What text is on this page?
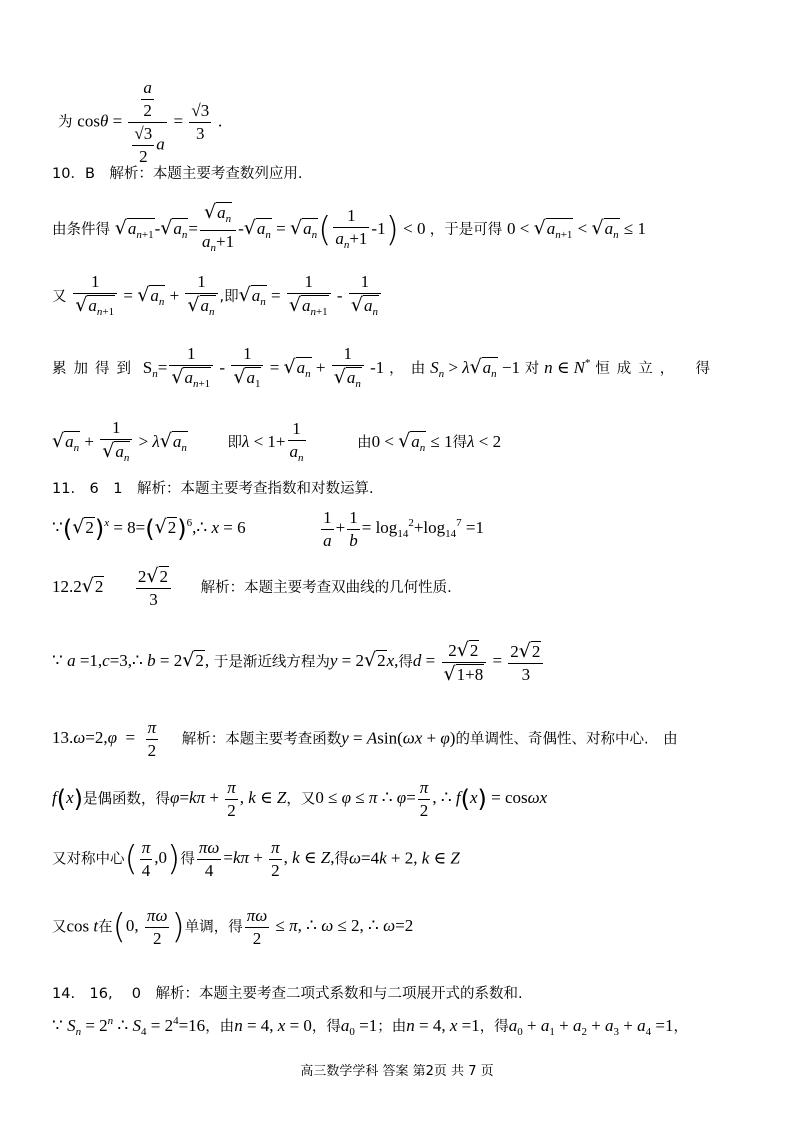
为 $\cos\theta = \frac{\frac{a}{2}}{\frac{√3}{2} a} = \frac{√3}{3}$ .
10．B　解析：本题主要考查数列应用.
由条件得 $√a_{n+1}-√a_n= \frac{√a_n}{a_n+1} -√a_n = √a_n( \frac{1}{a_n+1} -1) < 0$ ，于是可得 $0 < √a_{n+1} < √a_n \le 1$
又 $\frac{1}{√a_{n+1}} = √a_n + \frac{1}{√a_n}$ ,即$√a_n = \frac{1}{√a_{n+1}} - \frac{1}{√a_n}$
累加得到 $S_n= \frac{1}{√a_{n+1}} - \frac{1}{√a_1} = √a_n + \frac{1}{√a_n} -1$ ，　由 $S_n > \lambda√a_n -1$ 对 n ∈ N* 恒成立，　得
$√a_n + \frac{1}{√a_n} > \lambda√a_n$	即$\lambda < 1+ \frac{1}{a_n}$	由$0 < √a_n \le 1$得λ < 2
11.　6　1　解析：本题主要考查指数和对数运算.
$\because(√2)^x$ = $8=(√2)^6,\therefore$ x = 6	$\frac{1}{a} + \frac{1}{b} = \log_{14}^2+\log_{14}^7 =1$
$12.2√2 \frac{2√2}{3}$ 解析：本题主要考查双曲线的几何性质.
∵ a =1,c=3,∴ b = 2√2, 于是渐近线方程为y = 2√2x,得$d = \frac{2√2}{√1+8} = \frac{2√2}{3}$
$13.\omega=2,\varphi = \frac{\pi}{2}$ 解析：本题主要考查函数y = Asin(ωx + φ)的单调性、奇偶性、对称中心.　由
f(x)是偶函数，得$\varphi=k\pi + \frac{\pi}{2}$ , k ∈ Z，又0 ≤ φ ≤ π ∴ $\varphi= \frac{\pi}{2}$ , ∴ f(x) = cosωx
又对称中心( $\frac{\pi}{4} ,0$)得 $\frac{\pi\omega}{4} =k\pi + \frac{\pi}{2}$ , k ∈ Z,得ω=4k + 2, k ∈ Z
又cos t在(0, $\frac{\pi\omega}{2}$ )单调，得 $\frac{\pi\omega}{2} \le \pi$, ∴ ω ≤ 2, ∴ ω=2
14.　16,　 0　解析：本题主要考查二项式系数和与二项展开式的系数和.
∵ $S_n = 2^n$ ∴ $S_4 = 2^4=16$，由n = 4, x = 0，得$a_0 =1$；由n = 4, x =1，得$a_0 + a_1 + a_2 + a_3 + a_4 =1$，
高三数学学科 答案 第2页 共 7 页
